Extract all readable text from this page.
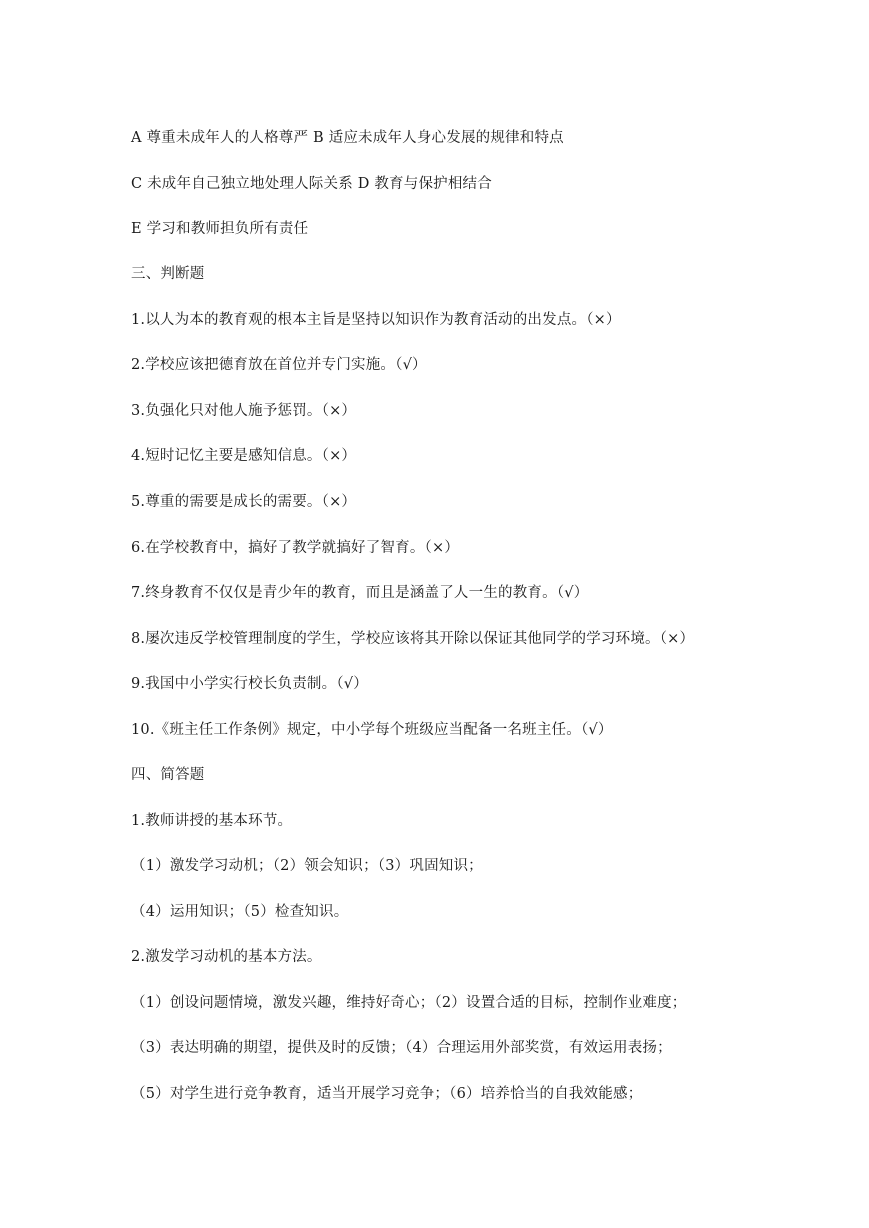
A 尊重未成年人的人格尊严 B 适应未成年人身心发展的规律和特点
C 未成年自己独立地处理人际关系 D 教育与保护相结合
E 学习和教师担负所有责任
三、判断题
1.以人为本的教育观的根本主旨是坚持以知识作为教育活动的出发点。（×）
2.学校应该把德育放在首位并专门实施。（√）
3.负强化只对他人施予惩罚。（×）
4.短时记忆主要是感知信息。（×）
5.尊重的需要是成长的需要。（×）
6.在学校教育中，搞好了教学就搞好了智育。（×）
7.终身教育不仅仅是青少年的教育，而且是涵盖了人一生的教育。（√）
8.屡次违反学校管理制度的学生，学校应该将其开除以保证其他同学的学习环境。（×）
9.我国中小学实行校长负责制。（√）
10.《班主任工作条例》规定，中小学每个班级应当配备一名班主任。（√）
四、简答题
1.教师讲授的基本环节。
（1）激发学习动机；（2）领会知识；（3）巩固知识；
（4）运用知识；（5）检查知识。
2.激发学习动机的基本方法。
（1）创设问题情境，激发兴趣，维持好奇心；（2）设置合适的目标，控制作业难度；
（3）表达明确的期望，提供及时的反馈；（4）合理运用外部奖赏，有效运用表扬；
（5）对学生进行竞争教育，适当开展学习竞争；（6）培养恰当的自我效能感；
